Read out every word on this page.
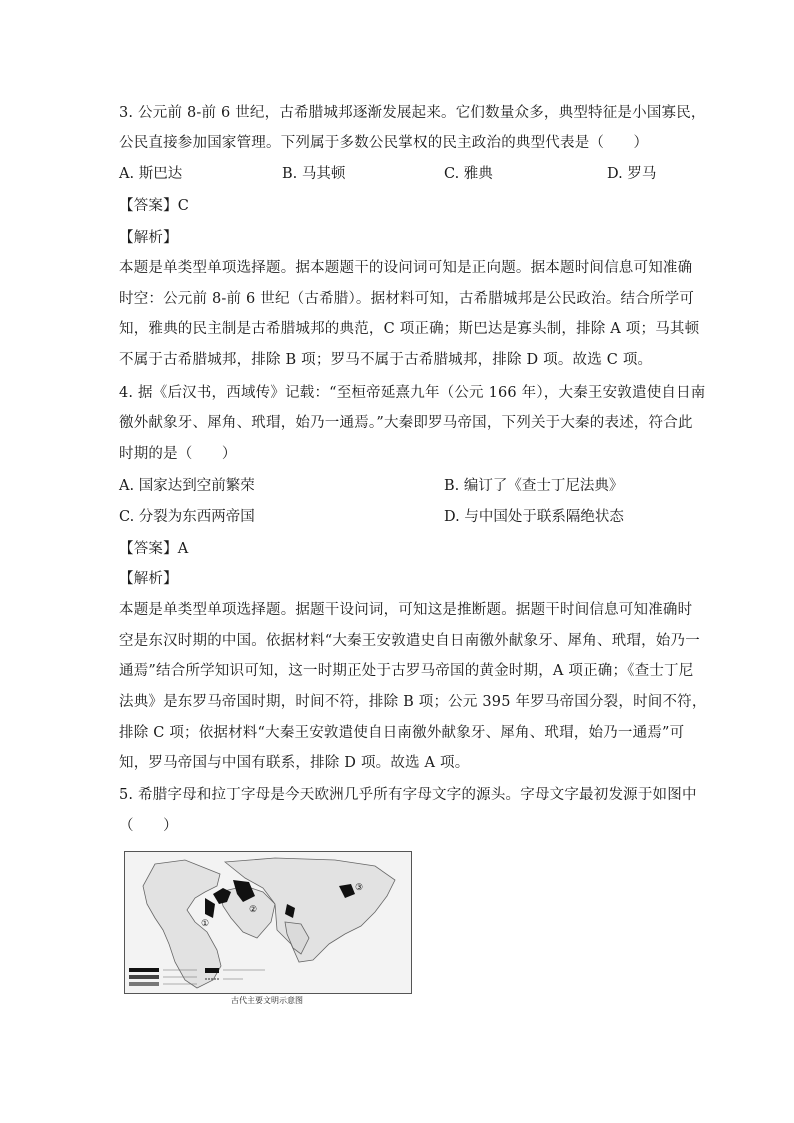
3. 公元前 8-前 6 世纪，古希腊城邦逐渐发展起来。它们数量众多，典型特征是小国寡民，
公民直接参加国家管理。下列属于多数公民掌权的民主政治的典型代表是（　　）
A. 斯巴达	B. 马其顿	C. 雅典	D. 罗马
【答案】C
【解析】
本题是单类型单项选择题。据本题题干的设问词可知是正向题。据本题时间信息可知准确
时空：公元前 8-前 6 世纪（古希腊）。据材料可知，古希腊城邦是公民政治。结合所学可
知，雅典的民主制是古希腊城邦的典范，C 项正确；斯巴达是寡头制，排除 A 项；马其顿
不属于古希腊城邦，排除 B 项；罗马不属于古希腊城邦，排除 D 项。故选 C 项。
4. 据《后汉书，西域传》记载：“至桓帝延熹九年（公元 166 年），大秦王安敦遣使自日南
徼外献象牙、犀角、玳瑁，始乃一通焉。”大秦即罗马帝国，下列关于大秦的表述，符合此
时期的是（　　）
A. 国家达到空前繁荣	B. 编订了《查士丁尼法典》
C. 分裂为东西两帝国	D. 与中国处于联系隔绝状态
【答案】A
【解析】
本题是单类型单项选择题。据题干设问词，可知这是推断题。据题干时间信息可知准确时
空是东汉时期的中国。依据材料“大秦王安敦遣史自日南徼外献象牙、犀角、玳瑁，始乃一
通焉”结合所学知识可知，这一时期正处于古罗马帝国的黄金时期，A 项正确；《查士丁尼
法典》是东罗马帝国时期，时间不符，排除 B 项；公元 395 年罗马帝国分裂，时间不符，
排除 C 项；依据材料“大秦王安敦遣使自日南徼外献象牙、犀角、玳瑁，始乃一通焉”可
知，罗马帝国与中国有联系，排除 D 项。故选 A 项。
5. 希腊字母和拉丁字母是今天欧洲几乎所有字母文字的源头。字母文字最初发源于如图中
（　　）
①
②
③
古代主要文明示意图
